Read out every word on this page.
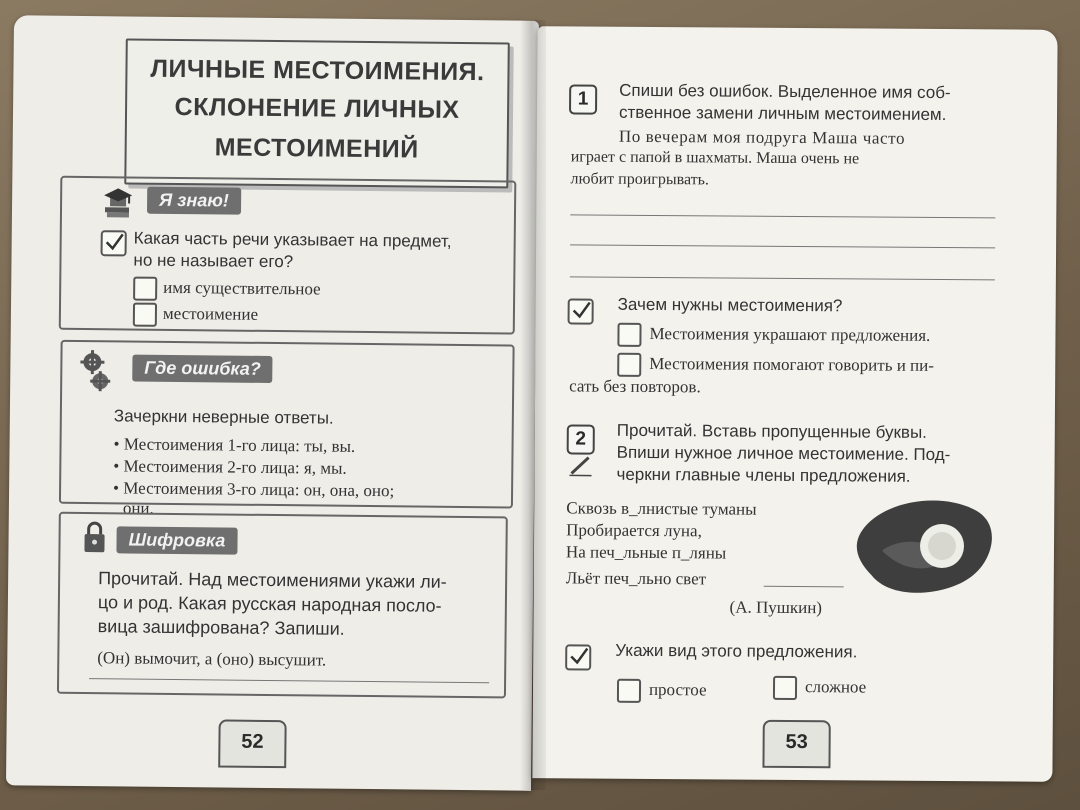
ЛИЧНЫЕ МЕСТОИМЕНИЯ.
СКЛОНЕНИЕ ЛИЧНЫХ
МЕСТОИМЕНИЙ
Я знаю!
Какая часть речи указывает на предмет,
но не называет его?
имя существительное
местоимение
Где ошибка?
Зачеркни неверные ответы.
• Местоимения 1-го лица: ты, вы.
• Местоимения 2-го лица: я, мы.
• Местоимения 3-го лица: он, она, оно;
они.
Шифровка
Прочитай. Над местоимениями укажи ли-
цо и род. Какая русская народная посло-
вица зашифрована? Запиши.
(Он) вымочит, а (оно) высушит.
52
1	Спиши без ошибок. Выделенное имя соб-
ственное замени личным местоимением.
По вечерам моя подруга Маша часто
играет с папой в шахматы. Маша очень не
любит проигрывать.
Зачем нужны местоимения?
Местоимения украшают предложения.
Местоимения помогают говорить и пи-
сать без повторов.
2	Прочитай. Вставь пропущенные буквы.
Впиши нужное личное местоимение. Под-
черкни главные члены предложения.
Сквозь в_лнистые туманы
Пробирается луна,
На печ_льные п_ляны
Льёт печ_льно свет
(А. Пушкин)
Укажи вид этого предложения.
простое	сложное
53
